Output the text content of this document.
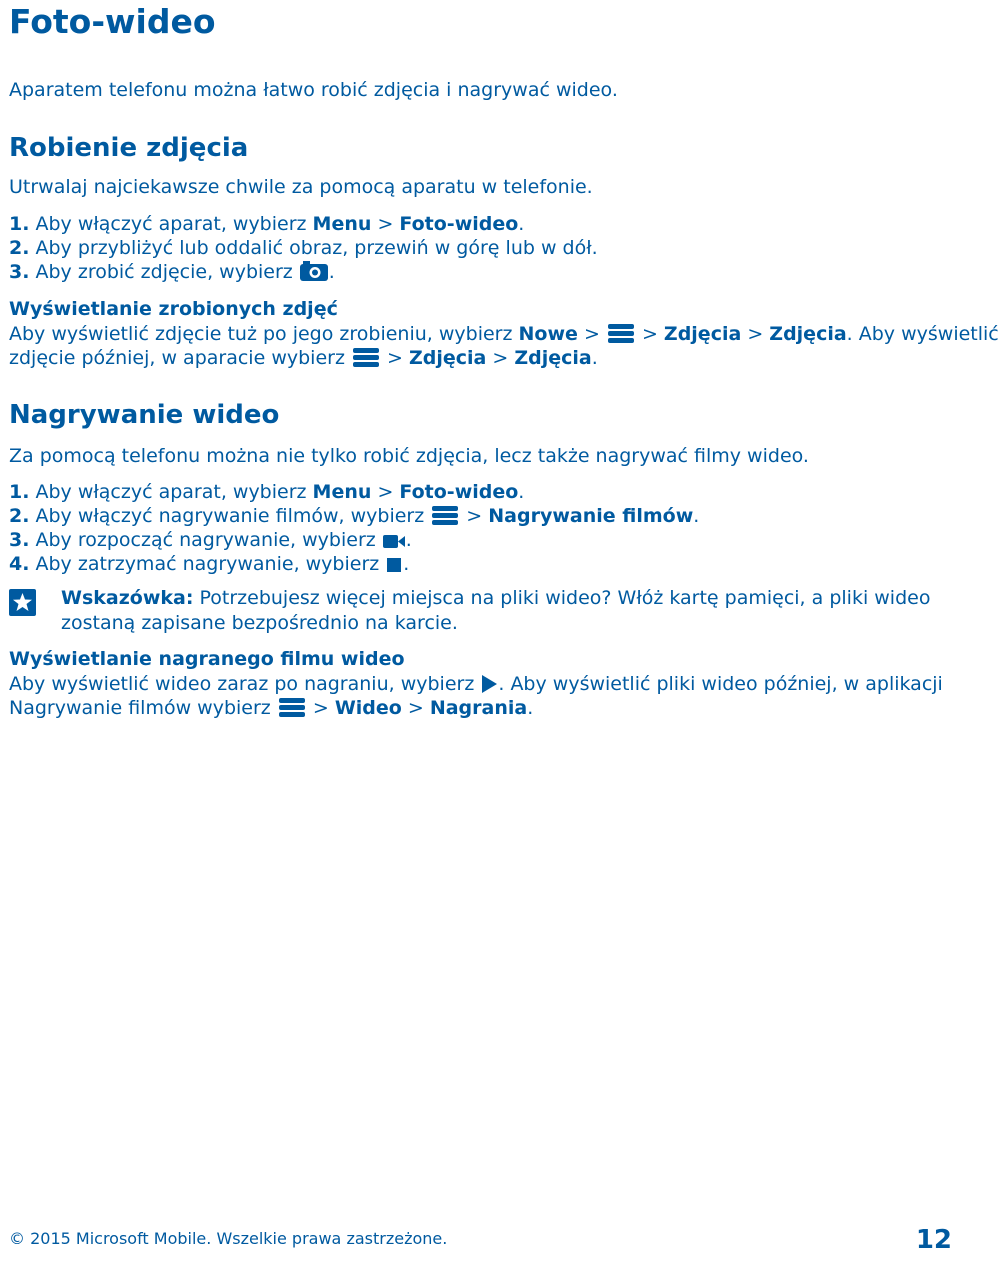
Foto-wideo
Aparatem telefonu można łatwo robić zdjęcia i nagrywać wideo.
Robienie zdjęcia
Utrwalaj najciekawsze chwile za pomocą aparatu w telefonie.
1. Aby włączyć aparat, wybierz Menu > Foto-wideo.
2. Aby przybliżyć lub oddalić obraz, przewiń w górę lub w dół.
3. Aby zrobić zdjęcie, wybierz .
Wyświetlanie zrobionych zdjęć
Aby wyświetlić zdjęcie tuż po jego zrobieniu, wybierz Nowe >
> Zdjęcia > Zdjęcia. Aby wyświetlić
zdjęcie później, w aparacie wybierz
> Zdjęcia > Zdjęcia.
Nagrywanie wideo
Za pomocą telefonu można nie tylko robić zdjęcia, lecz także nagrywać filmy wideo.
1. Aby włączyć aparat, wybierz Menu > Foto-wideo.
2. Aby włączyć nagrywanie filmów, wybierz
> Nagrywanie filmów.
3. Aby rozpocząć nagrywanie, wybierz .
4. Aby zatrzymać nagrywanie, wybierz .
Wskazówka: Potrzebujesz więcej miejsca na pliki wideo? Włóż kartę pamięci, a pliki wideo
zostaną zapisane bezpośrednio na karcie.
Wyświetlanie nagranego filmu wideo
Aby wyświetlić wideo zaraz po nagraniu, wybierz . Aby wyświetlić pliki wideo później, w aplikacji
Nagrywanie filmów wybierz
> Wideo > Nagrania.
© 2015 Microsoft Mobile. Wszelkie prawa zastrzeżone.	12
